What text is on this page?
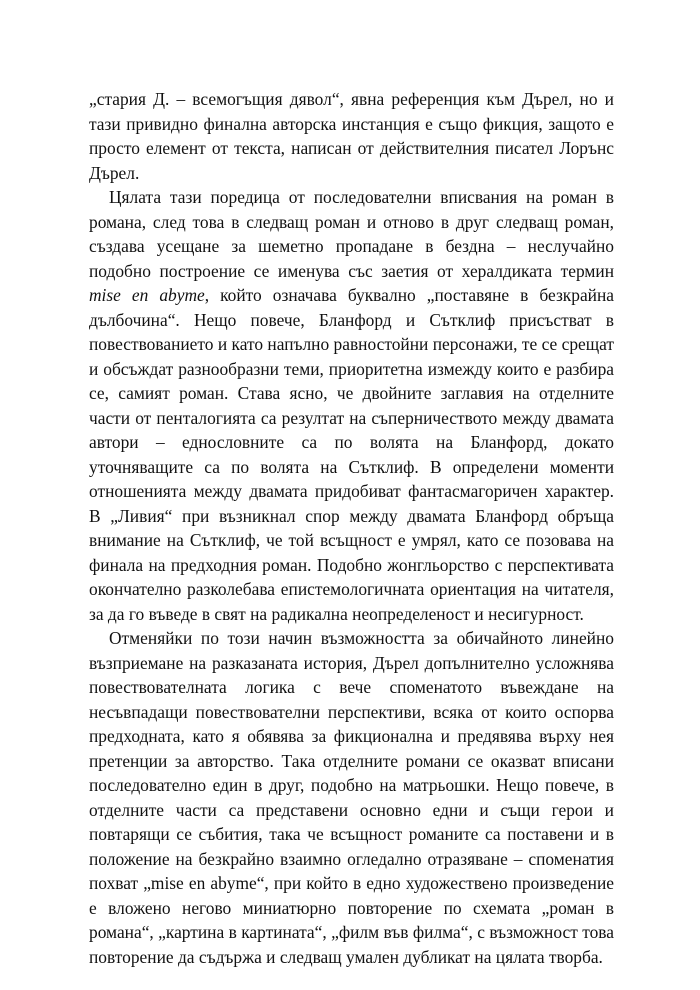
„стария Д. – всемогъщия дявол“, явна референция към Дърел, но и тази привидно финална авторска инстанция е също фикция, защото е просто елемент от текста, написан от действителния писател Лорънс Дърел.

Цялата тази поредица от последователни вписвания на роман в романа, след това в следващ роман и отново в друг следващ роман, създава усещане за шеметно пропадане в бездна – неслучайно подобно построение се именува със заетия от хералдиката термин mise en abyme, който означава буквално „поставяне в безкрайна дълбочина“. Нещо повече, Бланфорд и Сътклиф присъстват в повествованието и като напълно равностойни персонажи, те се срещат и обсъждат разнообразни теми, приоритетна измежду които е разбира се, самият роман. Става ясно, че двойните заглавия на отделните части от пенталогията са резултат на съперничеството между двамата автори – еднословните са по волята на Бланфорд, докато уточняващите са по волята на Сътклиф. В определени моменти отношенията между двамата придобиват фантасмагоричен характер. В „Ливия“ при възникнал спор между двамата Бланфорд обръща внимание на Сътклиф, че той всъщност е умрял, като се позовава на финала на предходния роман. Подобно жонгльорство с перспективата окончателно разколебава епистемологичната ориентация на читателя, за да го въведе в свят на радикална неопределеност и несигурност.

Отменяйки по този начин възможността за обичайното линейно възприемане на разказаната история, Дърел допълнително усложнява повествователната логика с вече споменатото въвеждане на несъвпадащи повествователни перспективи, всяка от които оспорва предходната, като я обявява за фикционална и предявява върху нея претенции за авторство. Така отделните романи се оказват вписани последователно един в друг, подобно на матрьошки. Нещо повече, в отделните части са представени основно едни и същи герои и повтарящи се събития, така че всъщност романите са поставени и в положение на безкрайно взаимно огледално отразяване – споменатия похват „mise en abyme“, при който в едно художествено произведение е вложено негово миниатюрно повторение по схемата „роман в романа“, „картина в картината“, „филм във филма“, с възможност това повторение да съдържа и следващ умален дубликат на цялата творба.
